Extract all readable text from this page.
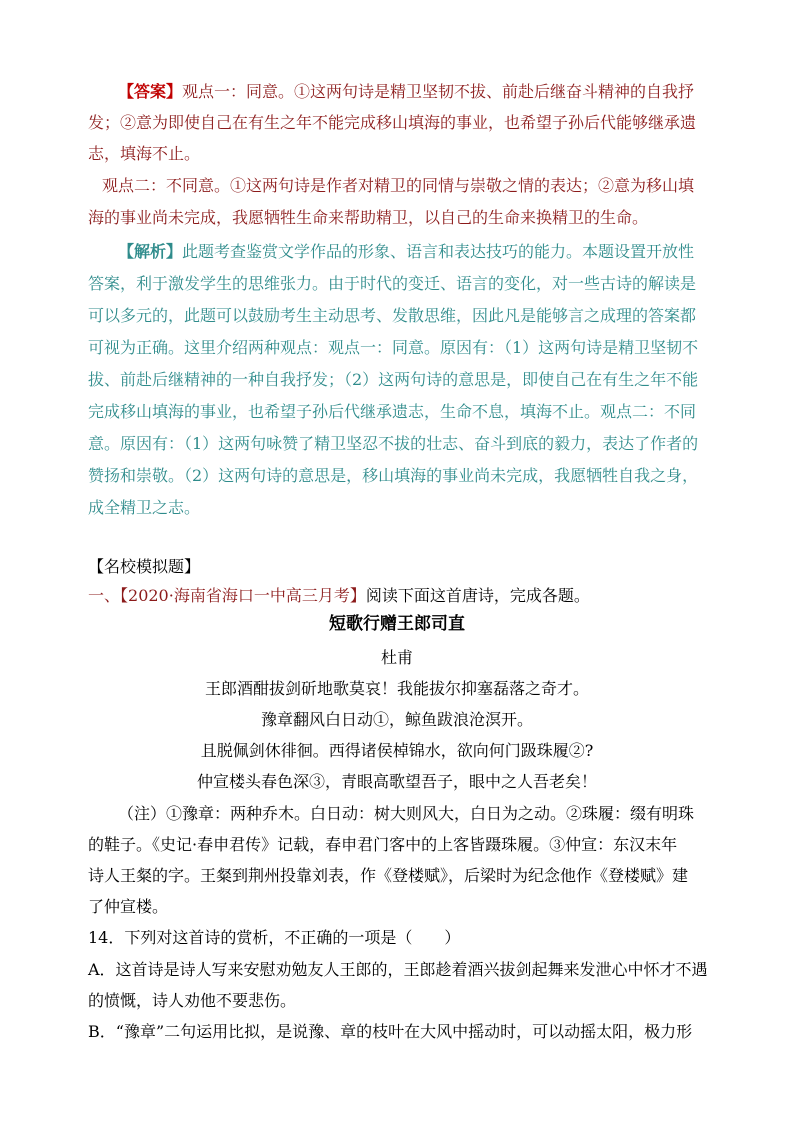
【答案】观点一：同意。①这两句诗是精卫坚韧不拔、前赴后继奋斗精神的自我抒
发；②意为即使自己在有生之年不能完成移山填海的事业，也希望子孙后代能够继承遗
志，填海不止。
观点二：不同意。①这两句诗是作者对精卫的同情与崇敬之情的表达；②意为移山填
海的事业尚未完成，我愿牺牲生命来帮助精卫，以自己的生命来换精卫的生命。
【解析】此题考查鉴赏文学作品的形象、语言和表达技巧的能力。本题设置开放性
答案，利于激发学生的思维张力。由于时代的变迁、语言的变化，对一些古诗的解读是
可以多元的，此题可以鼓励考生主动思考、发散思维，因此凡是能够言之成理的答案都
可视为正确。这里介绍两种观点：观点一：同意。原因有：（1）这两句诗是精卫坚韧不
拔、前赴后继精神的一种自我抒发；（2）这两句诗的意思是，即使自己在有生之年不能
完成移山填海的事业，也希望子孙后代继承遗志，生命不息，填海不止。观点二：不同
意。原因有：（1）这两句咏赞了精卫坚忍不拔的壮志、奋斗到底的毅力，表达了作者的
赞扬和崇敬。（2）这两句诗的意思是，移山填海的事业尚未完成，我愿牺牲自我之身，
成全精卫之志。
【名校模拟题】
一、【2020·海南省海口一中高三月考】阅读下面这首唐诗，完成各题。
短歌行赠王郎司直
杜甫
王郎酒酣拔剑斫地歌莫哀！我能拔尔抑塞磊落之奇才。
豫章翻风白日动①，鲸鱼跋浪沧溟开。
且脱佩剑休徘徊。西得诸侯棹锦水，欲向何门趿珠履②?
仲宣楼头春色深③，青眼高歌望吾子，眼中之人吾老矣！
（注）①豫章：两种乔木。白日动：树大则风大，白日为之动。②珠履：缀有明珠
的鞋子。《史记·春申君传》记载，春申君门客中的上客皆蹑珠履。③仲宣：东汉末年
诗人王粲的字。王粲到荆州投靠刘表，作《登楼赋》，后梁时为纪念他作《登楼赋》建
了仲宣楼。
14．下列对这首诗的赏析，不正确的一项是（　　）
A．这首诗是诗人写来安慰劝勉友人王郎的，王郎趁着酒兴拔剑起舞来发泄心中怀才不遇
的愤慨，诗人劝他不要悲伤。
B．“豫章”二句运用比拟，是说豫、章的枝叶在大风中摇动时，可以动摇太阳，极力形
